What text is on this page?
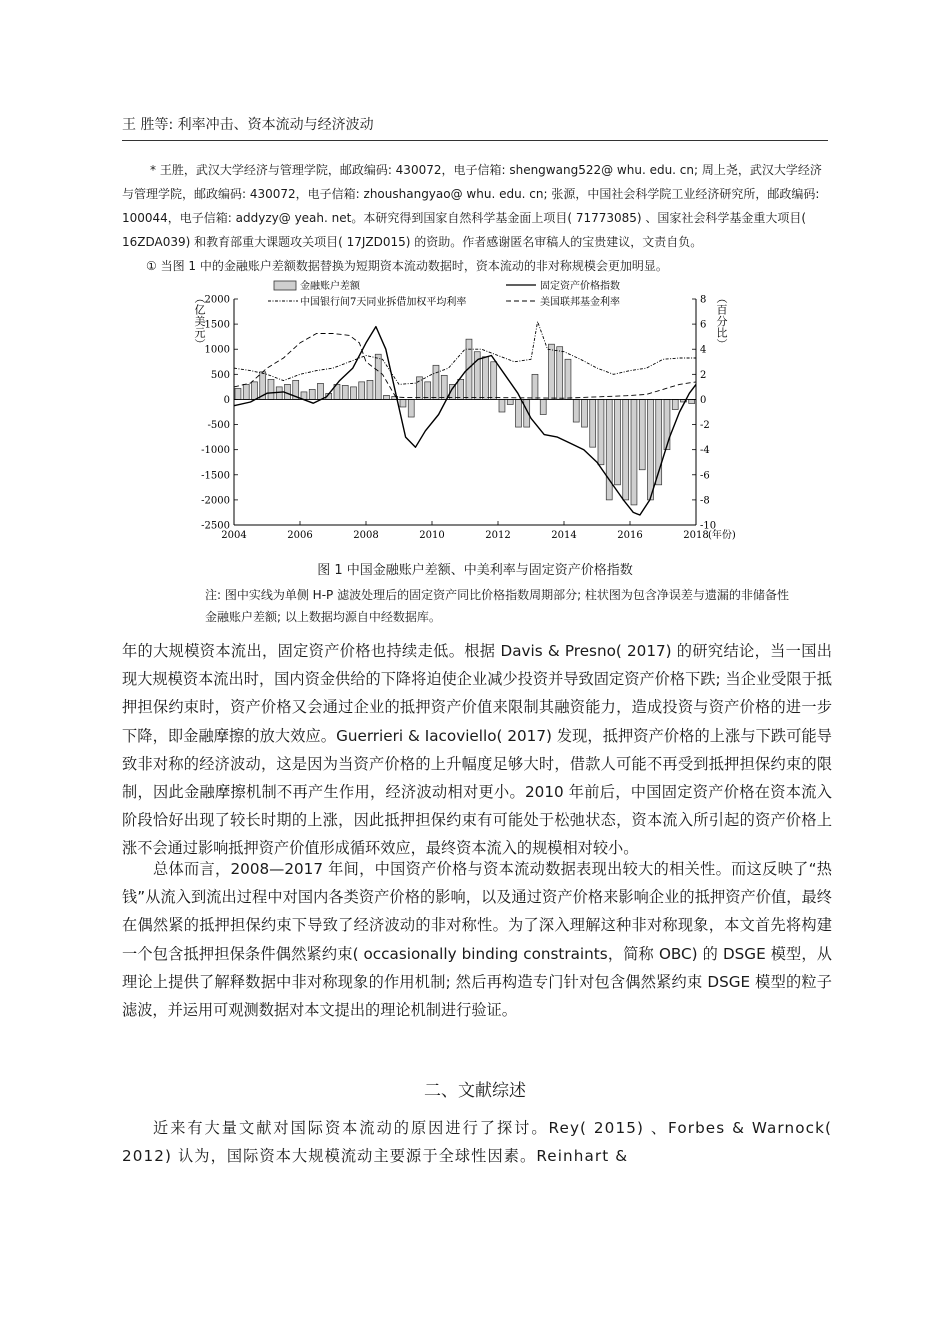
王 胜等: 利率冲击、资本流动与经济波动

* 王胜，武汉大学经济与管理学院，邮政编码: 430072，电子信箱: shengwang522@ whu. edu. cn; 周上尧，武汉大学经济与管理学院，邮政编码: 430072，电子信箱: zhoushangyao@ whu. edu. cn; 张源，中国社会科学院工业经济研究所，邮政编码: 100044，电子信箱: addyzy@ yeah. net。本研究得到国家自然科学基金面上项目( 71773085) 、国家社会科学基金重大项目( 16ZDA039) 和教育部重大课题攻关项目( 17JZD015) 的资助。作者感谢匿名审稿人的宝贵建议，文责自负。

① 当图 1 中的金融账户差额数据替换为短期资本流动数据时，资本流动的非对称规模会更加明显。

金融账户差额	固定资产价格指数
中国银行间7天同业拆借加权平均利率	美国联邦基金利率
︵亿美元︶
︵百分比︶
-2500
-2000
-1500
-1000
-500
0
500
1000
1500
2000
-10
-8
-6
-4
-2
0
2
4
6
8
2004	2006	2008	2010	2012	2014	2016	2018 (年份)
图 1 中国金融账户差额、中美利率与固定资产价格指数

注: 图中实线为单侧 H-P 滤波处理后的固定资产同比价格指数周期部分; 柱状图为包含净误差与遗漏的非储备性

金融账户差额; 以上数据均源自中经数据库。

年的大规模资本流出，固定资产价格也持续走低。根据 Davis & Presno( 2017) 的研究结论，当一国出现大规模资本流出时，国内资金供给的下降将迫使企业减少投资并导致固定资产价格下跌; 当企业受限于抵押担保约束时，资产价格又会通过企业的抵押资产价值来限制其融资能力，造成投资与资产价格的进一步下降，即金融摩擦的放大效应。Guerrieri & Iacoviello( 2017) 发现，抵押资产价格的上涨与下跌可能导致非对称的经济波动，这是因为当资产价格的上升幅度足够大时，借款人可能不再受到抵押担保约束的限制，因此金融摩擦机制不再产生作用，经济波动相对更小。2010 年前后，中国固定资产价格在资本流入阶段恰好出现了较长时期的上涨，因此抵押担保约束有可能处于松弛状态，资本流入所引起的资产价格上涨不会通过影响抵押资产价值形成循环效应，最终资本流入的规模相对较小。

总体而言，2008—2017 年间，中国资产价格与资本流动数据表现出较大的相关性。而这反映了“热钱”从流入到流出过程中对国内各类资产价格的影响，以及通过资产价格来影响企业的抵押资产价值，最终在偶然紧的抵押担保约束下导致了经济波动的非对称性。为了深入理解这种非对称现象，本文首先将构建一个包含抵押担保条件偶然紧约束( occasionally binding constraints，简称 OBC) 的 DSGE 模型，从理论上提供了解释数据中非对称现象的作用机制; 然后再构造专门针对包含偶然紧约束 DSGE 模型的粒子滤波，并运用可观测数据对本文提出的理论机制进行验证。

二、文献综述

近来有大量文献对国际资本流动的原因进行了探讨。Rey( 2015) 、Forbes & Warnock( 2012) 认为，国际资本大规模流动主要源于全球性因素。Reinhart &
